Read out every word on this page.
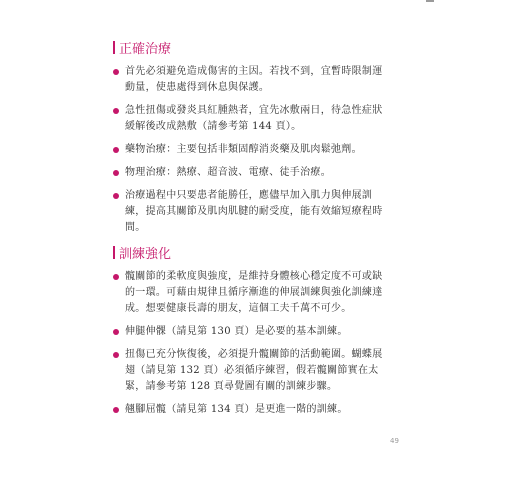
正確治療
首先必須避免造成傷害的主因。若找不到，宜暫時限制運動量，使患處得到休息與保護。
急性扭傷或發炎具紅腫熱者，宜先冰敷兩日，待急性症狀緩解後改成熱敷（請參考第 144 頁）。
藥物治療：主要包括非類固醇消炎藥及肌肉鬆弛劑。
物理治療：熱療、超音波、電療、徒手治療。
治療過程中只要患者能勝任，應儘早加入肌力與伸展訓練，提高其關節及肌肉肌腱的耐受度，能有效縮短療程時間。
訓練強化
髖關節的柔軟度與強度，是維持身體核心穩定度不可或缺的一環。可藉由規律且循序漸進的伸展訓練與強化訓練達成。想要健康長壽的朋友，這個工夫千萬不可少。
伸腿伸髁（請見第 130 頁）是必要的基本訓練。
扭傷已充分恢復後，必須提升髖關節的活動範圍。蝴蝶展翅（請見第 132 頁）必須循序練習，假若髖關節實在太緊，請參考第 128 頁尋覺圖有關的訓練步驟。
翹腳屈髖（請見第 134 頁）是更進一階的訓練。
49
